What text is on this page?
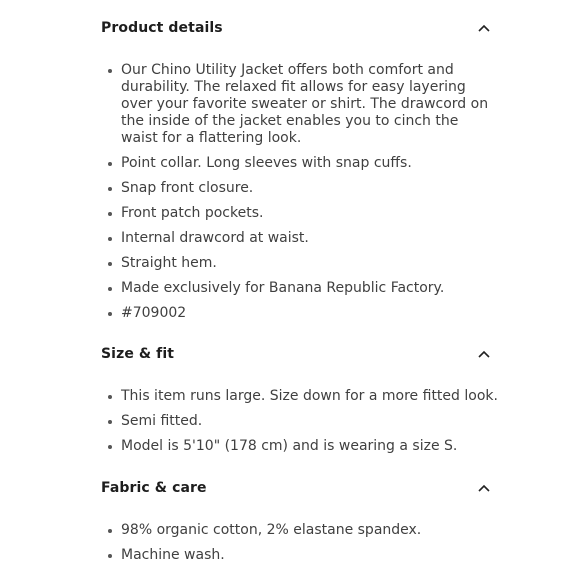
Product details
Our Chino Utility Jacket offers both comfort and durability. The relaxed fit allows for easy layering over your favorite sweater or shirt. The drawcord on the inside of the jacket enables you to cinch the waist for a flattering look.
Point collar. Long sleeves with snap cuffs.
Snap front closure.
Front patch pockets.
Internal drawcord at waist.
Straight hem.
Made exclusively for Banana Republic Factory.
#709002
Size & fit
This item runs large. Size down for a more fitted look.
Semi fitted.
Model is 5'10" (178 cm) and is wearing a size S.
Fabric & care
98% organic cotton, 2% elastane spandex.
Machine wash.
